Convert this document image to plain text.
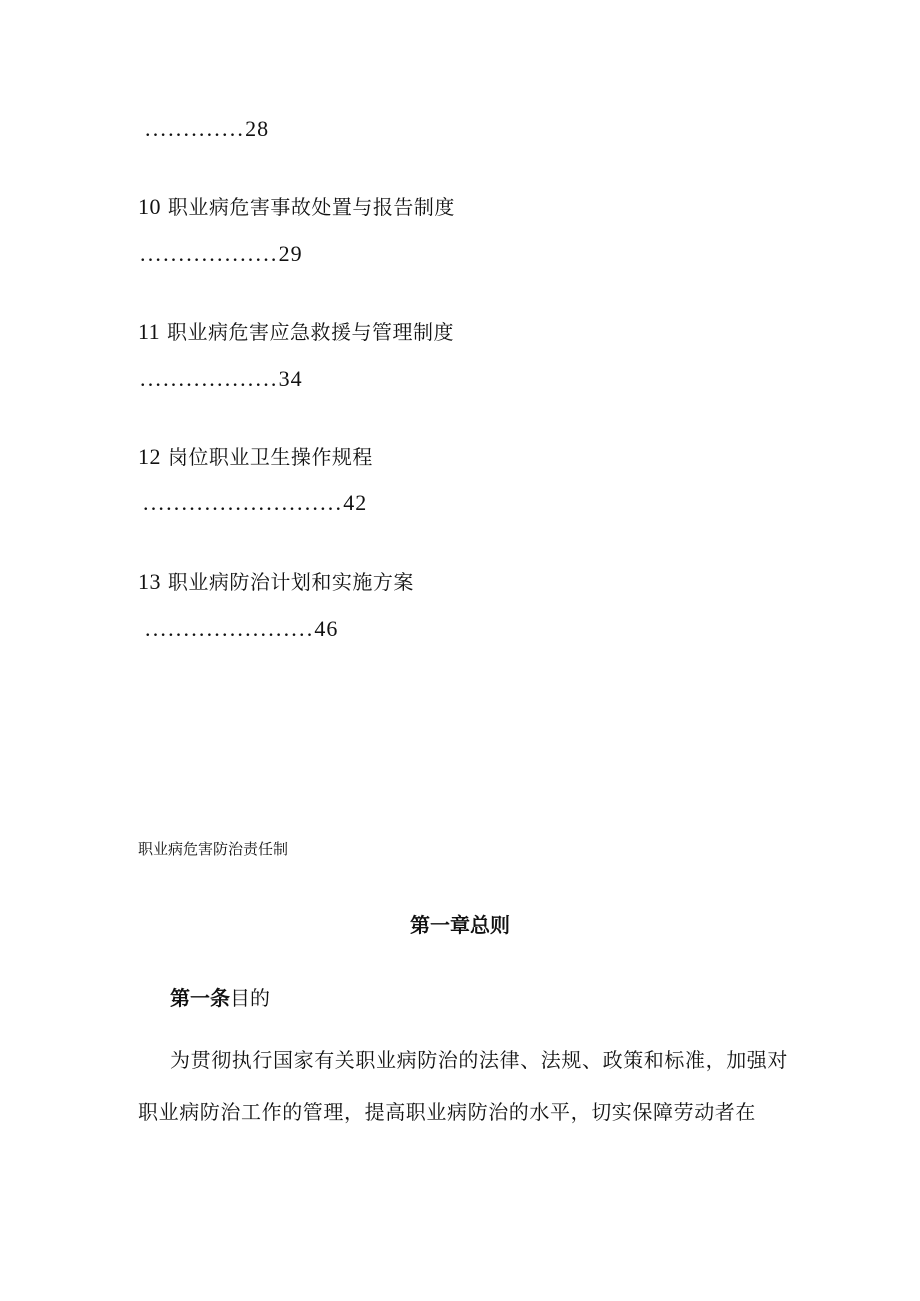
.............28
10 职业病危害事故处置与报告制度
..................29
11 职业病危害应急救援与管理制度
..................34
12 岗位职业卫生操作规程
..........................42
13 职业病防治计划和实施方案
......................46
职业病危害防治责任制
第一章总则
第一条目的
为贯彻执行国家有关职业病防治的法律、法规、政策和标准，加强对
职业病防治工作的管理，提高职业病防治的水平，切实保障劳动者在
